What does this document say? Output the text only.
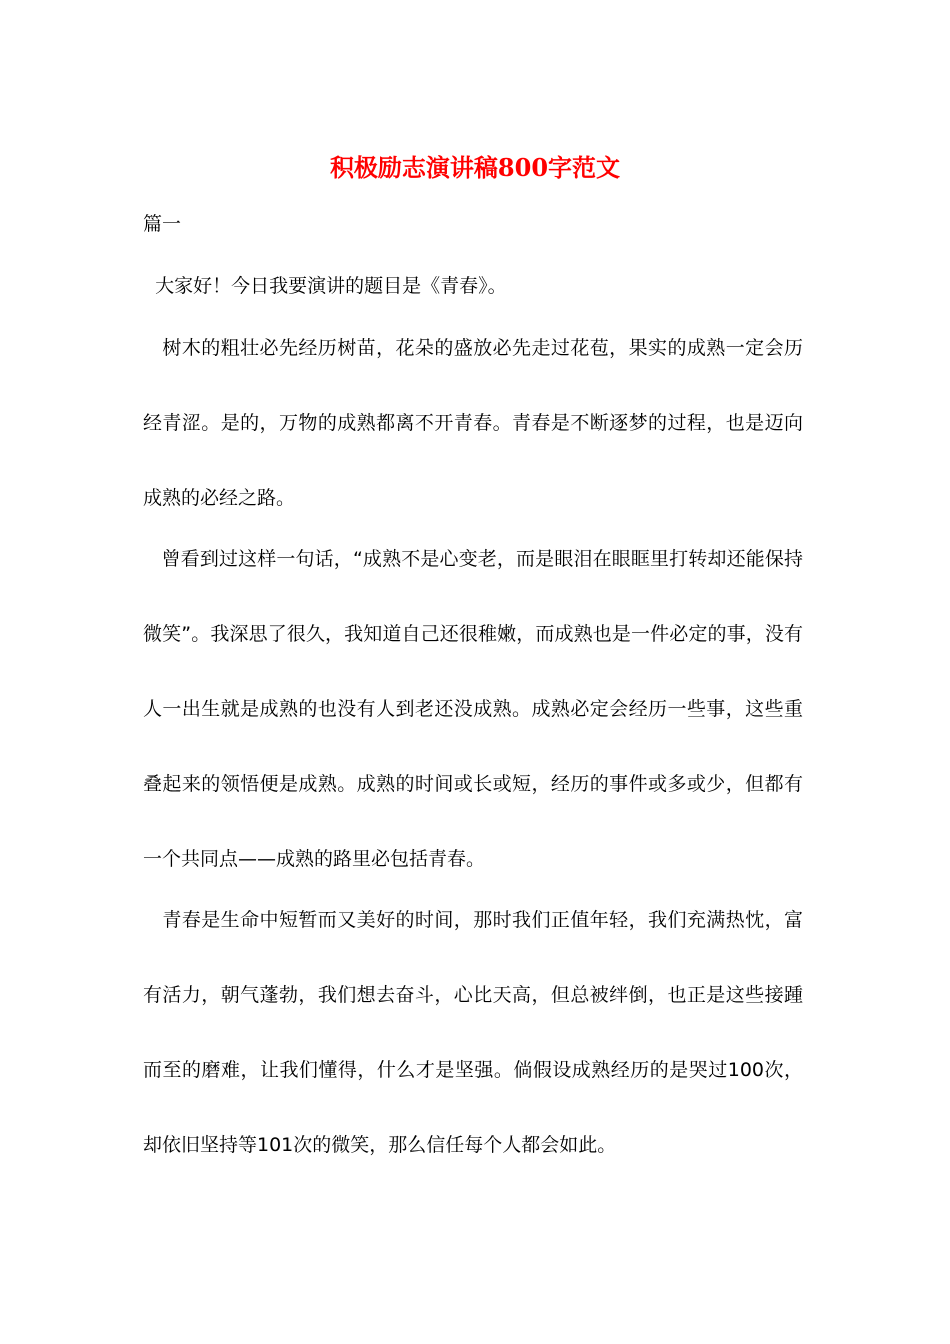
积极励志演讲稿800字范文

篇一

大家好！今日我要演讲的题目是《青春》。

树木的粗壮必先经历树苗，花朵的盛放必先走过花苞，果实的成熟一定会历经青涩。是的，万物的成熟都离不开青春。青春是不断逐梦的过程，也是迈向成熟的必经之路。

曾看到过这样一句话，“成熟不是心变老，而是眼泪在眼眶里打转却还能保持微笑”。我深思了很久，我知道自己还很稚嫩，而成熟也是一件必定的事，没有人一出生就是成熟的也没有人到老还没成熟。成熟必定会经历一些事，这些重叠起来的领悟便是成熟。成熟的时间或长或短，经历的事件或多或少，但都有一个共同点——成熟的路里必包括青春。

青春是生命中短暂而又美好的时间，那时我们正值年轻，我们充满热忱，富有活力，朝气蓬勃，我们想去奋斗，心比天高，但总被绊倒，也正是这些接踵而至的磨难，让我们懂得，什么才是坚强。倘假设成熟经历的是哭过100次，却依旧坚持等101次的微笑，那么信任每个人都会如此。
